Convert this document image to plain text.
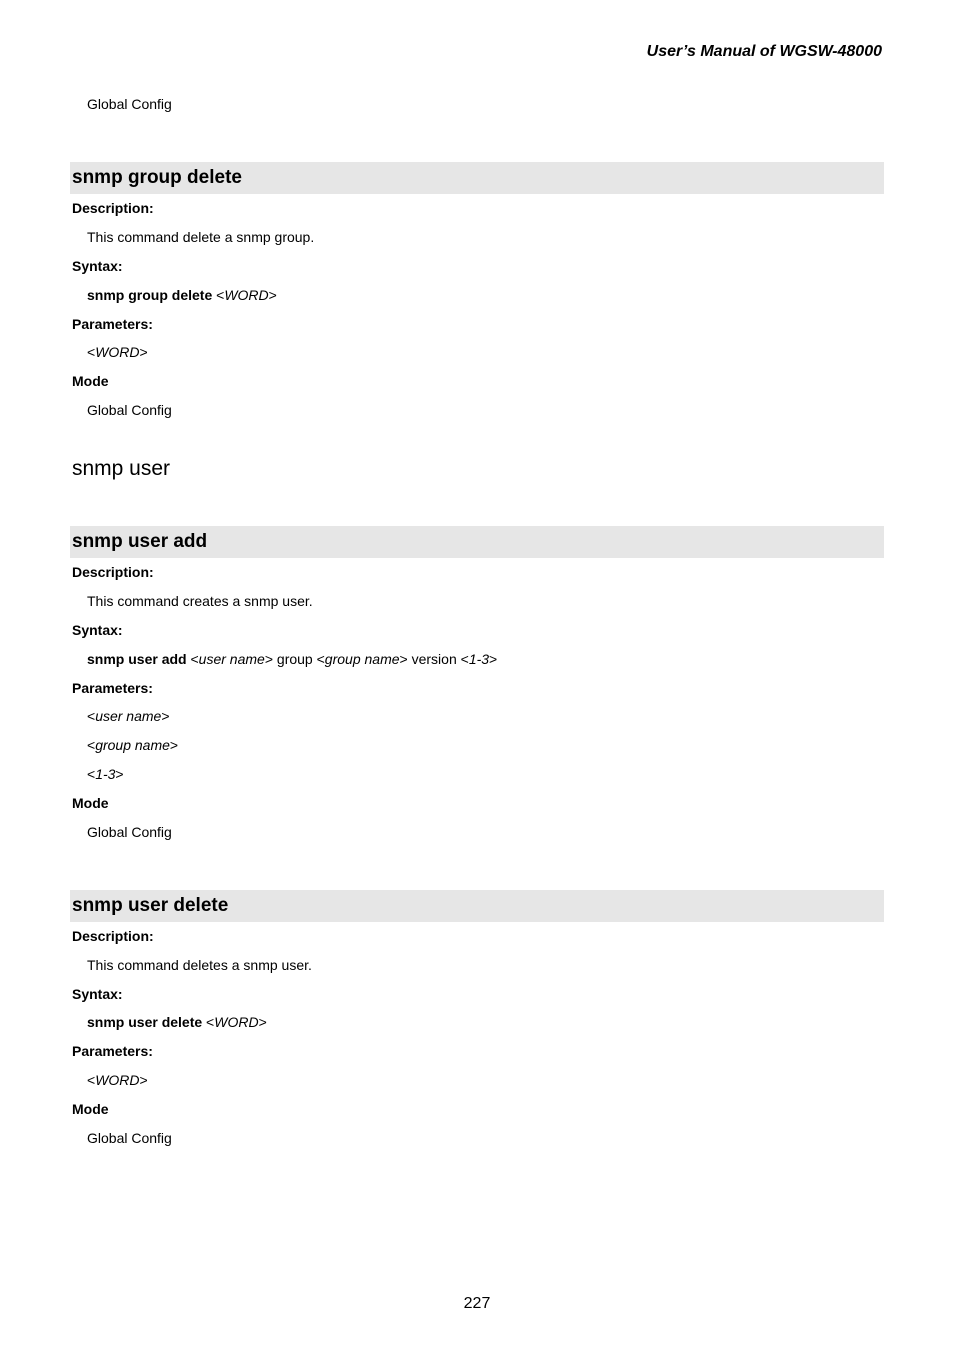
User’s Manual of WGSW-48000
Global Config
snmp group delete
Description:
This command delete a snmp group.
Syntax:
snmp group delete <WORD>
Parameters:
<WORD>
Mode
Global Config
snmp user
snmp user add
Description:
This command creates a snmp user.
Syntax:
snmp user add <user name> group <group name> version <1-3>
Parameters:
<user name>
<group name>
<1-3>
Mode
Global Config
snmp user delete
Description:
This command deletes a snmp user.
Syntax:
snmp user delete <WORD>
Parameters:
<WORD>
Mode
Global Config
227
